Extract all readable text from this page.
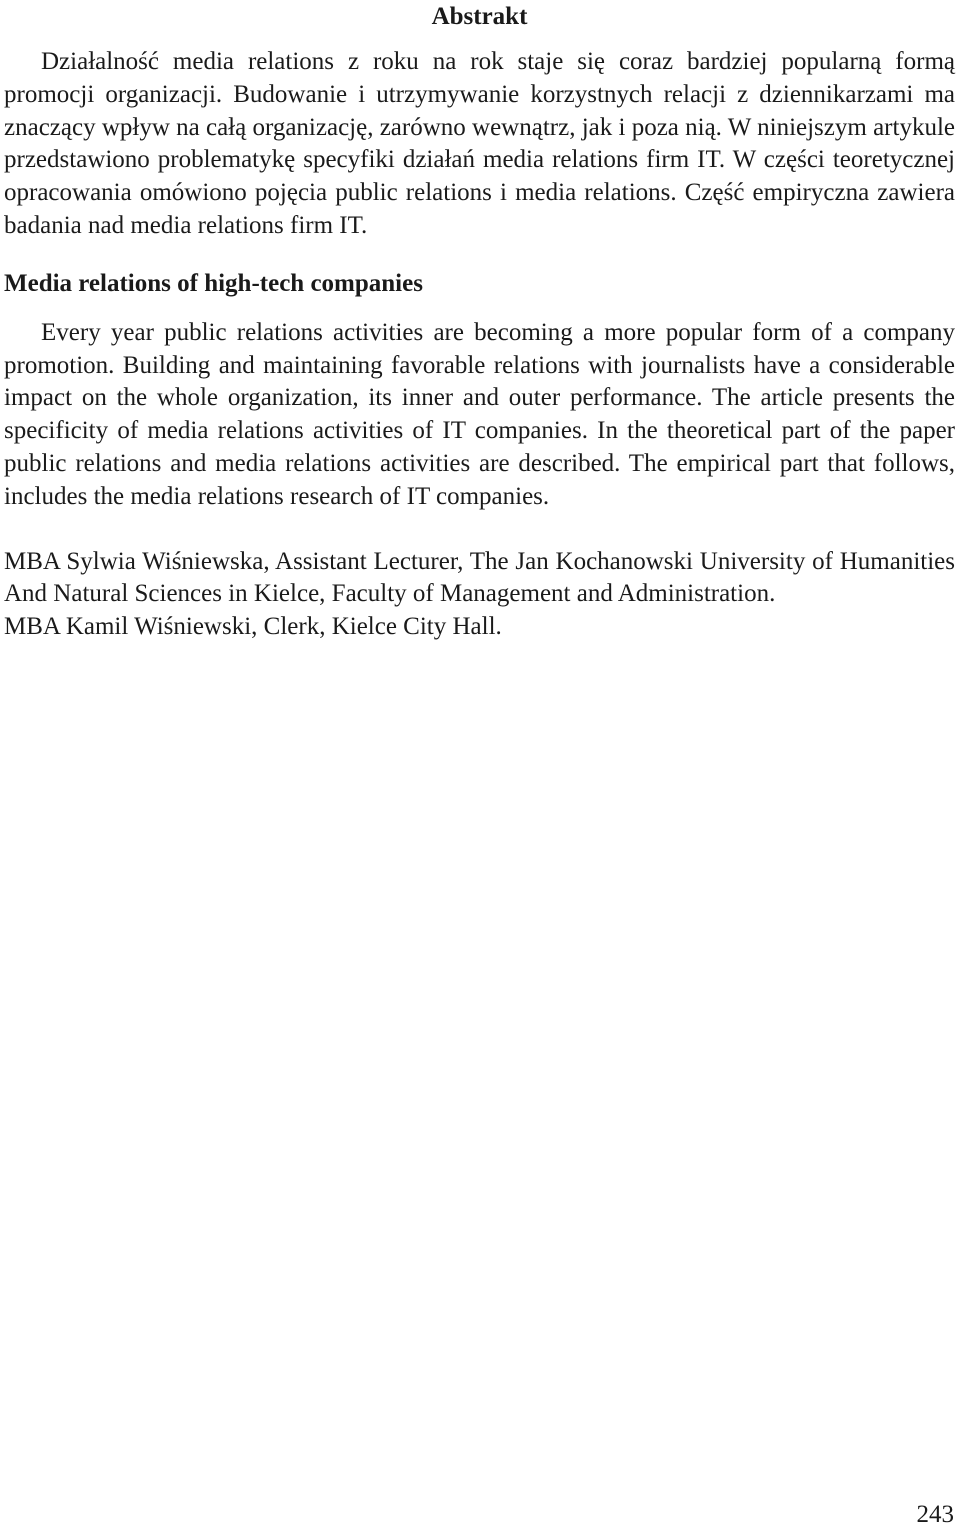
Abstrakt

Działalność media relations z roku na rok staje się coraz bardziej popularną formą promocji organizacji. Budowanie i utrzymywanie korzystnych relacji z dziennikarzami ma znaczący wpływ na całą organizację, zarówno wewnątrz, jak i poza nią. W niniejszym artykule przedstawiono problematykę specyfiki działań media relations firm IT. W części teoretycznej opracowania omówiono pojęcia public relations i media relations. Część empiryczna zawiera badania nad media relations firm IT.

Media relations of high-tech companies

Every year public relations activities are becoming a more popular form of a company promotion. Building and maintaining favorable relations with journalists have a considerable impact on the whole organization, its inner and outer performance. The article presents the specificity of media relations activities of IT companies. In the theoretical part of the paper public relations and media relations activities are described. The empirical part that follows, includes the media relations research of IT companies.

MBA Sylwia Wiśniewska, Assistant Lecturer, The Jan Kochanowski University of Humanities And Natural Sciences in Kielce, Faculty of Management and Administration.

MBA Kamil Wiśniewski, Clerk, Kielce City Hall.

243
